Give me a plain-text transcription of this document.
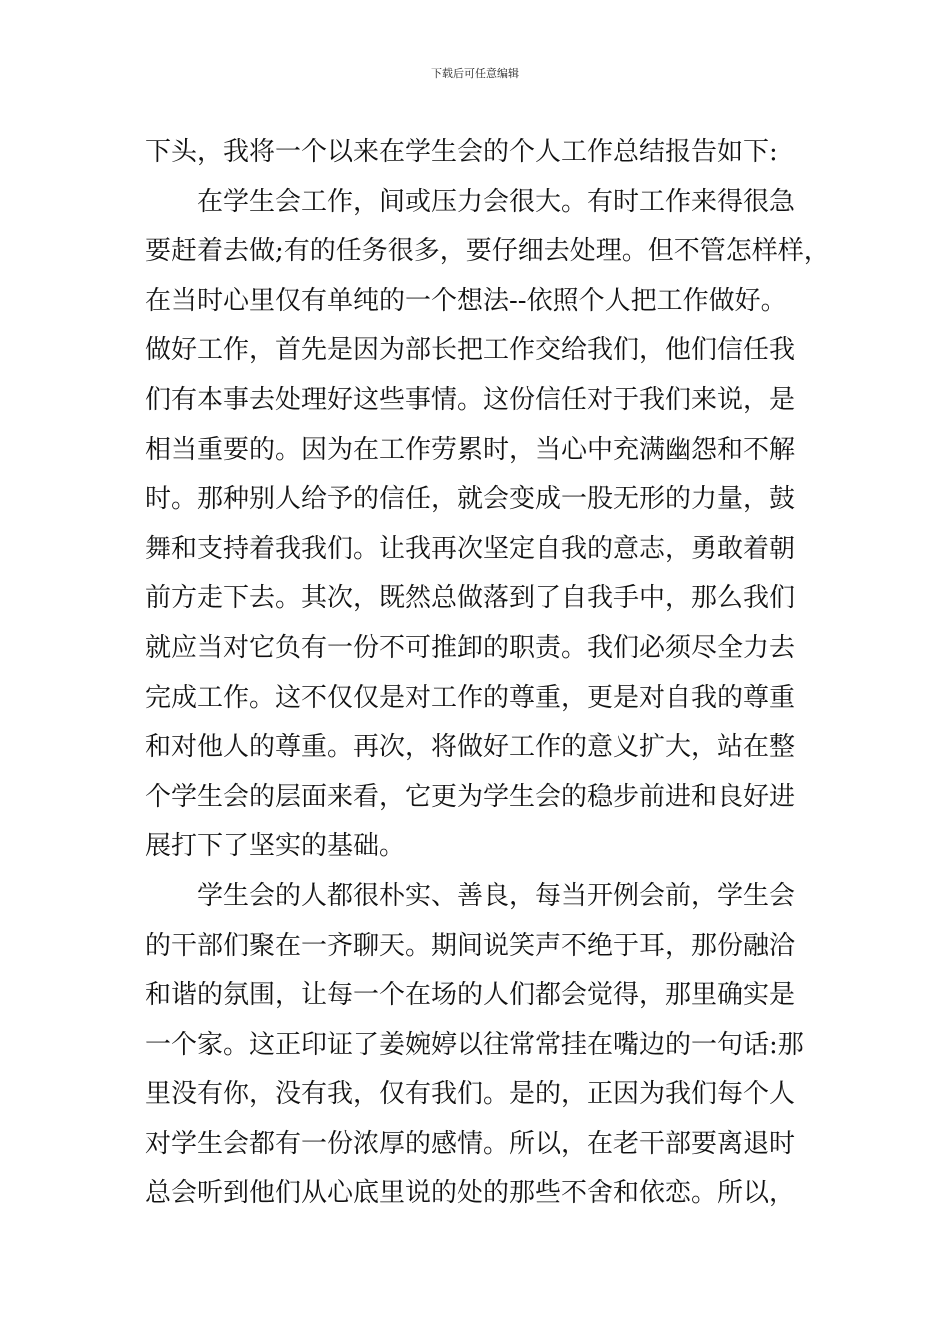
下载后可任意编辑
下头，我将一个以来在学生会的个人工作总结报告如下:
在学生会工作，间或压力会很大。有时工作来得很急
要赶着去做;有的任务很多，要仔细去处理。但不管怎样样，
在当时心里仅有单纯的一个想法--依照个人把工作做好。
做好工作，首先是因为部长把工作交给我们，他们信任我
们有本事去处理好这些事情。这份信任对于我们来说，是
相当重要的。因为在工作劳累时，当心中充满幽怨和不解
时。那种别人给予的信任，就会变成一股无形的力量，鼓
舞和支持着我我们。让我再次坚定自我的意志，勇敢着朝
前方走下去。其次，既然总做落到了自我手中，那么我们
就应当对它负有一份不可推卸的职责。我们必须尽全力去
完成工作。这不仅仅是对工作的尊重，更是对自我的尊重
和对他人的尊重。再次，将做好工作的意义扩大，站在整
个学生会的层面来看，它更为学生会的稳步前进和良好进
展打下了坚实的基础。
学生会的人都很朴实、善良，每当开例会前，学生会
的干部们聚在一齐聊天。期间说笑声不绝于耳，那份融洽
和谐的氛围，让每一个在场的人们都会觉得，那里确实是
一个家。这正印证了姜婉婷以往常常挂在嘴边的一句话:那
里没有你，没有我，仅有我们。是的，正因为我们每个人
对学生会都有一份浓厚的感情。所以，在老干部要离退时
总会听到他们从心底里说的处的那些不舍和依恋。所以，
